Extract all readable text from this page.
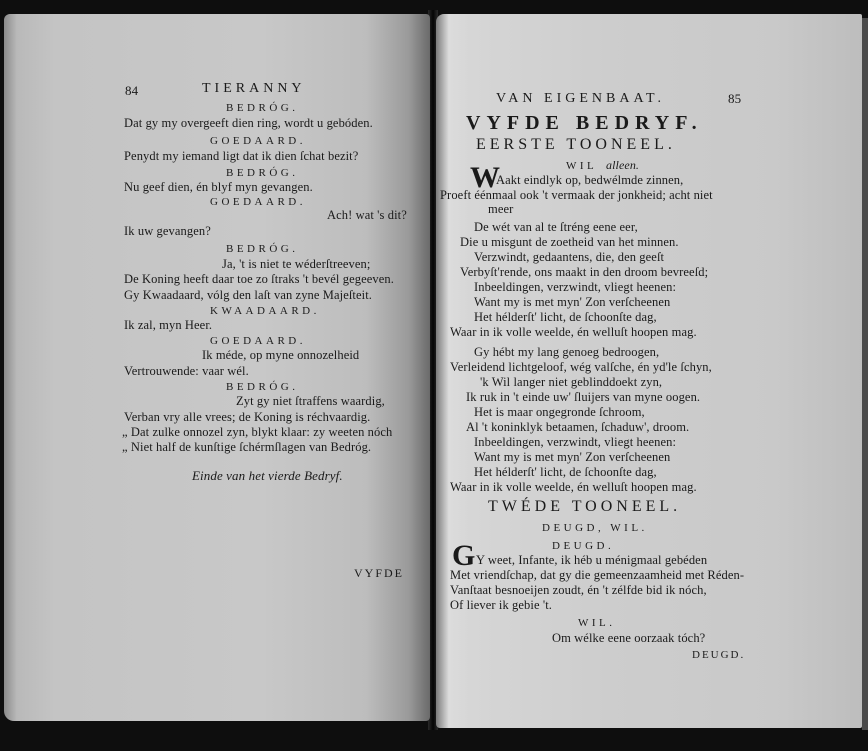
84	TIERANNY
BEDRÓG.
Dat gy my overgeeft dien ring, wordt u gebóden.
GOEDAARD.
Penydt my iemand ligt dat ik dien ſchat bezit?
BEDRÓG.
Nu geef dien, én blyf myn gevangen.
GOEDAARD.
Ach! wat 's dit?
Ik uw gevangen?
BEDRÓG.
Ja, 't is niet te wéderſtreeven;
De Koning heeft daar toe zo ſtraks 't bevél gegeeven.
Gy Kwaadaard, vólg den laſt van zyne Majeſteit.
KWAADAARD.
Ik zal, myn Heer.
GOEDAARD.
Ik méde, op myne onnozelheid
Vertrouwende: vaar wél.
BEDRÓG.
Zyt gy niet ſtraffens waardig,
Verban vry alle vrees; de Koning is réchvaardig.
„ Dat zulke onnozel zyn, blykt klaar: zy weeten nóch
„ Niet half de kunſtige ſchérmſlagen van Bedróg.
Einde van het vierde Bedryf.
VYFDE
VAN EIGENBAAT.	85
VYFDE BEDRYF.
EERSTE TOONEEL.
WIL alleen.
W
Aakt eindlyk op, bedwélmde zinnen,
Proeft éénmaal ook 't vermaak der jonkheid; acht niet
meer
De wét van al te ſtréng eene eer,
Die u misgunt de zoetheid van het minnen.
Verzwindt, gedaantens, die, den geeſt
Verbyſt'rende, ons maakt in den droom bevreeſd;
Inbeeldingen, verzwindt, vliegt heenen:
Want my is met myn' Zon verſcheenen
Het hélderſt' licht, de ſchoonſte dag,
Waar in ik volle weelde, én welluſt hoopen mag.
Gy hébt my lang genoeg bedroogen,
Verleidend lichtgeloof, wég valſche, én yd'le ſchyn,
'k Wil langer niet geblinddoekt zyn,
Ik ruk in 't einde uw' ſluijers van myne oogen.
Het is maar ongegronde ſchroom,
Al 't koninklyk betaamen, ſchaduw', droom.
Inbeeldingen, verzwindt, vliegt heenen:
Want my is met myn' Zon verſcheenen
Het hélderſt' licht, de ſchoonſte dag,
Waar in ik volle weelde, én welluſt hoopen mag.
TWÉDE TOONEEL.
DEUGD, WIL.
DEUGD.
G Y weet, Infante, ik héb u ménigmaal gebéden
Met vriendſchap, dat gy die gemeenzaamheid met Réden-
Vanſtaat besnoeijen zoudt, én 't zélfde bid ik nóch,
Of liever ik gebie 't.
WIL.
Om wélke eene oorzaak tóch?
DEUGD.
